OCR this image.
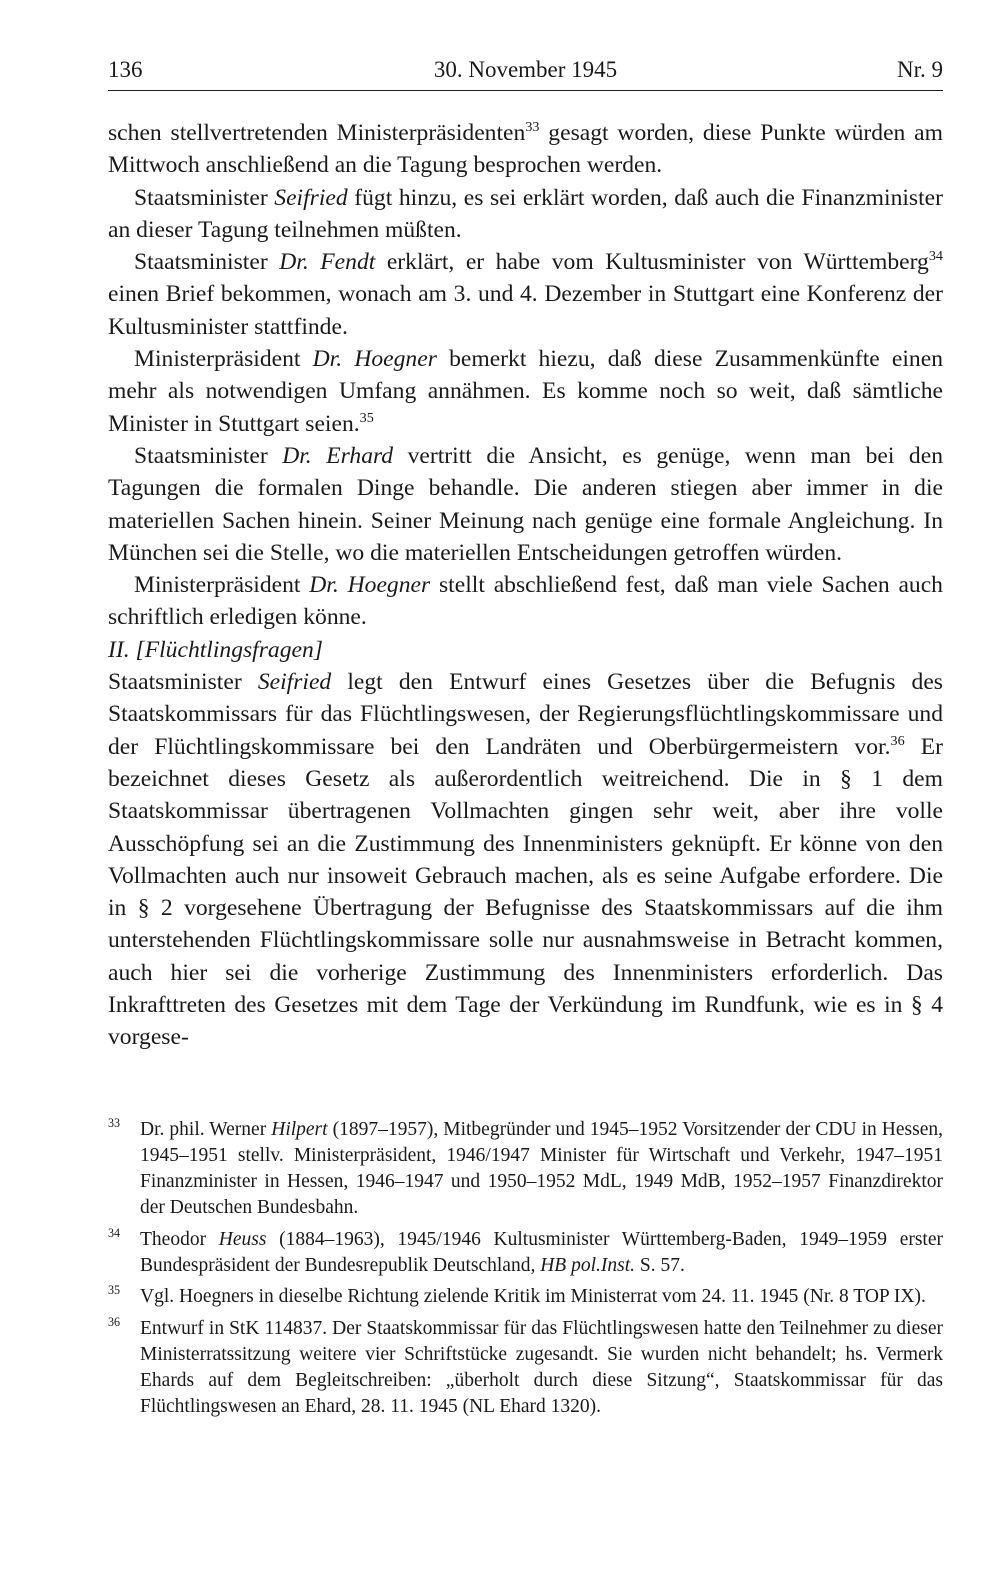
136	30. November 1945	Nr. 9

schen stellvertretenden Ministerpräsidenten$^{33}$ gesagt worden, diese Punkte würden am Mittwoch anschließend an die Tagung besprochen werden.

Staatsminister Seifried fügt hinzu, es sei erklärt worden, daß auch die Finanzminister an dieser Tagung teilnehmen müßten.

Staatsminister Dr. Fendt erklärt, er habe vom Kultusminister von Württemberg$^{34}$ einen Brief bekommen, wonach am 3. und 4. Dezember in Stuttgart eine Konferenz der Kultusminister stattfinde.

Ministerpräsident Dr. Hoegner bemerkt hiezu, daß diese Zusammenkünfte einen mehr als notwendigen Umfang annähmen. Es komme noch so weit, daß sämtliche Minister in Stuttgart seien.$^{35}$

Staatsminister Dr. Erhard vertritt die Ansicht, es genüge, wenn man bei den Tagungen die formalen Dinge behandle. Die anderen stiegen aber immer in die materiellen Sachen hinein. Seiner Meinung nach genüge eine formale Angleichung. In München sei die Stelle, wo die materiellen Entscheidungen getroffen würden.

Ministerpräsident Dr. Hoegner stellt abschließend fest, daß man viele Sachen auch schriftlich erledigen könne.

II. [Flüchtlingsfragen]

Staatsminister Seifried legt den Entwurf eines Gesetzes über die Befugnis des Staatskommissars für das Flüchtlingswesen, der Regierungsflüchtlingskommissare und der Flüchtlingskommissare bei den Landräten und Oberbürgermeistern vor.$^{36}$ Er bezeichnet dieses Gesetz als außerordentlich weitreichend. Die in § 1 dem Staatskommissar übertragenen Vollmachten gingen sehr weit, aber ihre volle Ausschöpfung sei an die Zustimmung des Innenministers geknüpft. Er könne von den Vollmachten auch nur insoweit Gebrauch machen, als es seine Aufgabe erfordere. Die in § 2 vorgesehene Übertragung der Befugnisse des Staatskommissars auf die ihm unterstehenden Flüchtlingskommissare solle nur ausnahmsweise in Betracht kommen, auch hier sei die vorherige Zustimmung des Innenministers erforderlich. Das Inkrafttreten des Gesetzes mit dem Tage der Verkündung im Rundfunk, wie es in § 4 vorgese-

33 Dr. phil. Werner Hilpert (1897–1957), Mitbegründer und 1945–1952 Vorsitzender der CDU in Hessen, 1945–1951 stellv. Ministerpräsident, 1946/1947 Minister für Wirtschaft und Verkehr, 1947–1951 Finanzminister in Hessen, 1946–1947 und 1950–1952 MdL, 1949 MdB, 1952–1957 Finanzdirektor der Deutschen Bundesbahn.
34 Theodor Heuss (1884–1963), 1945/1946 Kultusminister Württemberg-Baden, 1949–1959 erster Bundespräsident der Bundesrepublik Deutschland, HB pol.Inst. S. 57.
35 Vgl. Hoegners in dieselbe Richtung zielende Kritik im Ministerrat vom 24. 11. 1945 (Nr. 8 TOP IX).
36 Entwurf in StK 114837. Der Staatskommissar für das Flüchtlingswesen hatte den Teilnehmer zu dieser Ministerratssitzung weitere vier Schriftstücke zugesandt. Sie wurden nicht behandelt; hs. Vermerk Ehards auf dem Begleitschreiben: „überholt durch diese Sitzung“, Staatskommissar für das Flüchtlingswesen an Ehard, 28. 11. 1945 (NL Ehard 1320).
